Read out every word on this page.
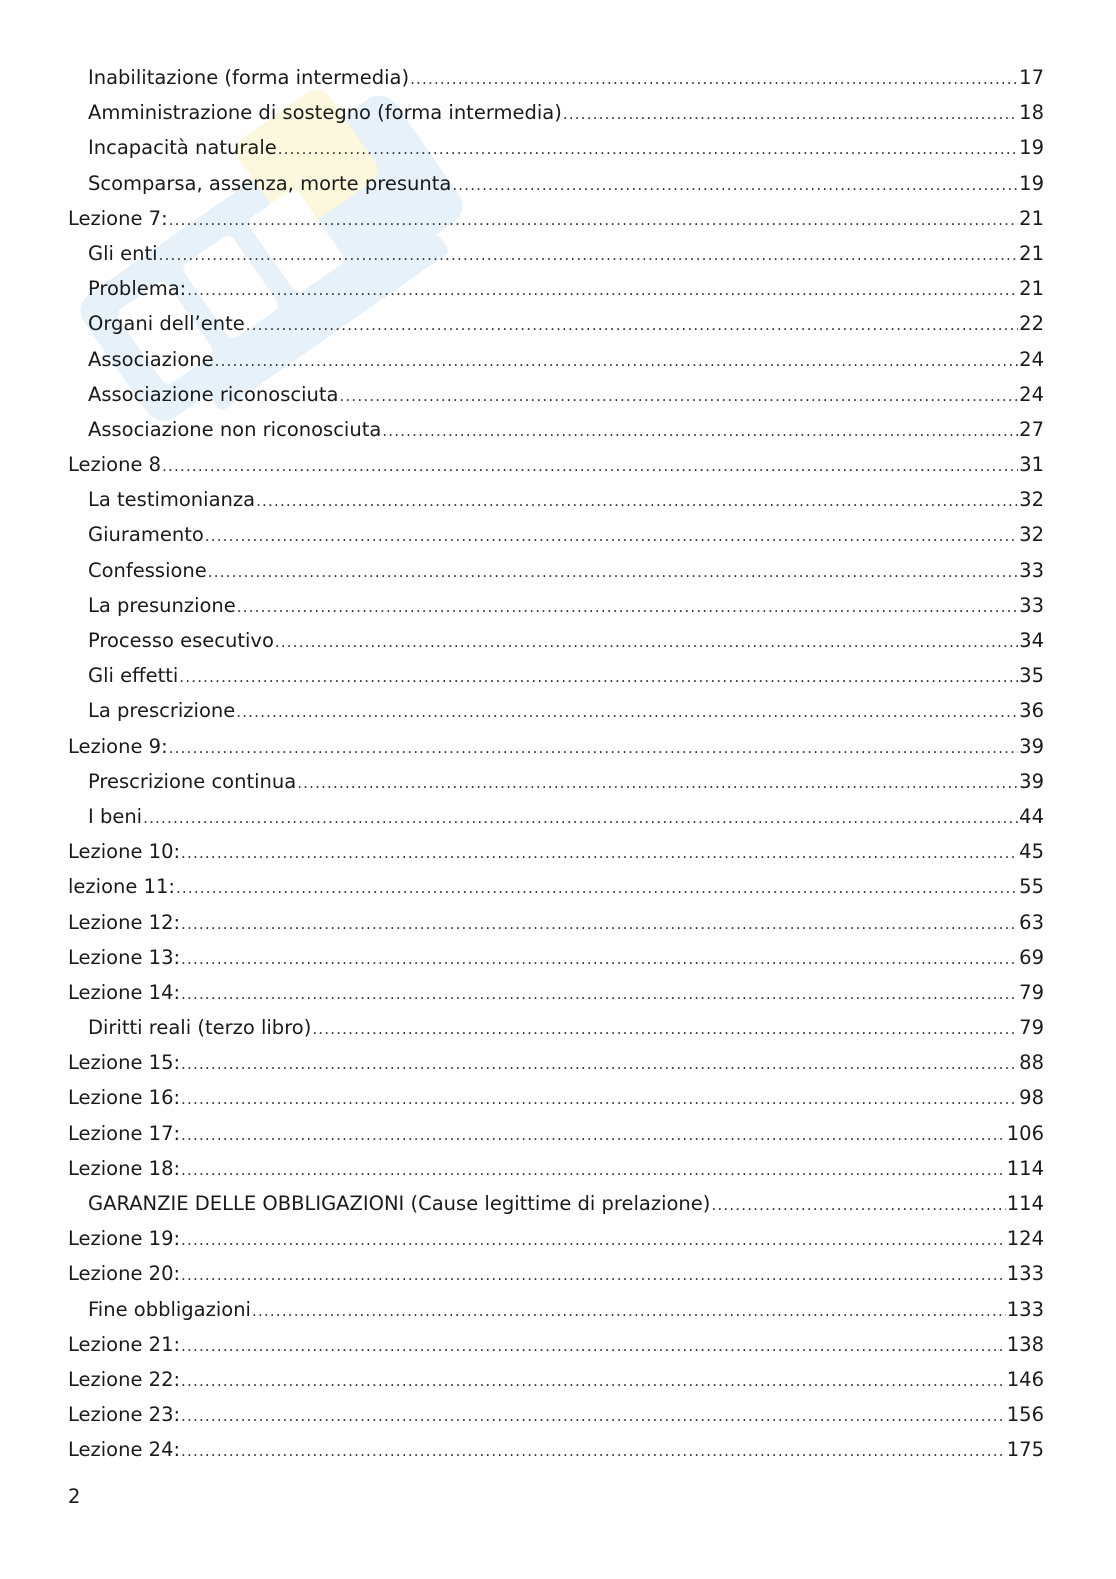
Inabilitazione (forma intermedia) .....	17
Amministrazione di sostegno (forma intermedia) .....	18
Incapacità naturale .....	19
Scomparsa, assenza, morte presunta .....	19
Lezione 7: .....	21
Gli enti .....	21
Problema: .....	21
Organi dell’ente .....	22
Associazione .....	24
Associazione riconosciuta .....	24
Associazione non riconosciuta .....	27
Lezione 8 .....	31
La testimonianza .....	32
Giuramento .....	32
Confessione .....	33
La presunzione .....	33
Processo esecutivo .....	34
Gli effetti .....	35
La prescrizione .....	36
Lezione 9: .....	39
Prescrizione continua .....	39
I beni .....	44
Lezione 10: .....	45
lezione 11: .....	55
Lezione 12: .....	63
Lezione 13: .....	69
Lezione 14: .....	79
Diritti reali (terzo libro) .....	79
Lezione 15: .....	88
Lezione 16: .....	98
Lezione 17: .....	106
Lezione 18: .....	114
GARANZIE DELLE OBBLIGAZIONI (Cause legittime di prelazione) .....	114
Lezione 19: .....	124
Lezione 20: .....	133
Fine obbligazioni .....	133
Lezione 21: .....	138
Lezione 22: .....	146
Lezione 23: .....	156
Lezione 24: .....	175
2
